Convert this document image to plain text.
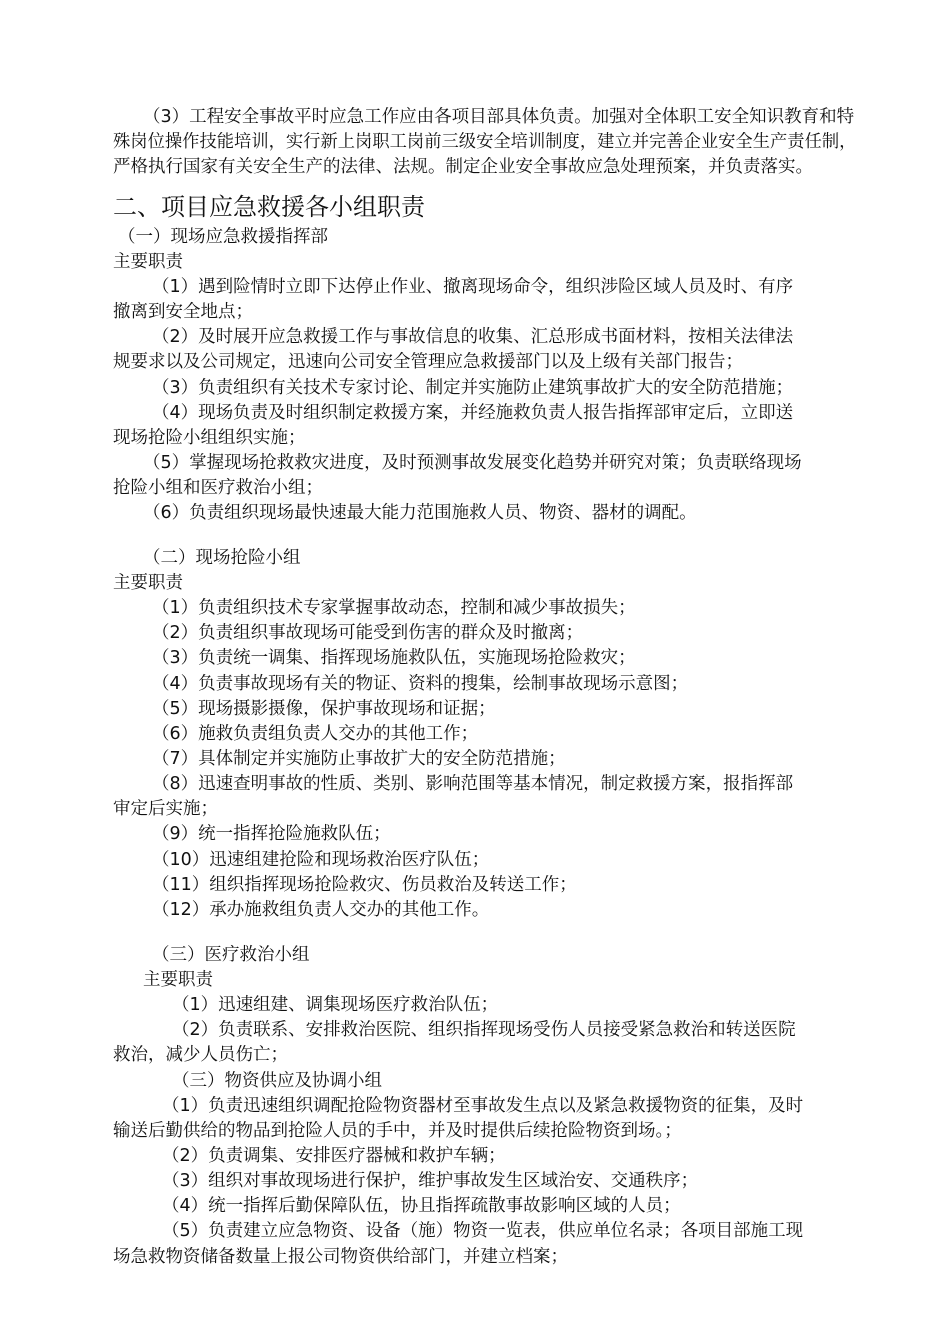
（3）工程安全事故平时应急工作应由各项目部具体负责。加强对全体职工安全知识教育和特
殊岗位操作技能培训，实行新上岗职工岗前三级安全培训制度，建立并完善企业安全生产责任制，
严格执行国家有关安全生产的法律、法规。制定企业安全事故应急处理预案，并负责落实。
二、项目应急救援各小组职责
（一）现场应急救援指挥部
主要职责
（1）遇到险情时立即下达停止作业、撤离现场命令，组织涉险区域人员及时、有序
撤离到安全地点；
（2）及时展开应急救援工作与事故信息的收集、汇总形成书面材料，按相关法律法
规要求以及公司规定，迅速向公司安全管理应急救援部门以及上级有关部门报告；
（3）负责组织有关技术专家讨论、制定并实施防止建筑事故扩大的安全防范措施；
（4）现场负责及时组织制定救援方案，并经施救负责人报告指挥部审定后，立即送
现场抢险小组组织实施；
（5）掌握现场抢救救灾进度，及时预测事故发展变化趋势并研究对策；负责联络现场
抢险小组和医疗救治小组；
（6）负责组织现场最快速最大能力范围施救人员、物资、器材的调配。
（二）现场抢险小组
主要职责
（1）负责组织技术专家掌握事故动态，控制和减少事故损失；
（2）负责组织事故现场可能受到伤害的群众及时撤离；
（3）负责统一调集、指挥现场施救队伍，实施现场抢险救灾；
（4）负责事故现场有关的物证、资料的搜集，绘制事故现场示意图；
（5）现场摄影摄像，保护事故现场和证据；
（6）施救负责组负责人交办的其他工作；
（7）具体制定并实施防止事故扩大的安全防范措施；
（8）迅速查明事故的性质、类别、影响范围等基本情况，制定救援方案，报指挥部
审定后实施；
（9）统一指挥抢险施救队伍；
（10）迅速组建抢险和现场救治医疗队伍；
（11）组织指挥现场抢险救灾、伤员救治及转送工作；
（12）承办施救组负责人交办的其他工作。
（三）医疗救治小组
主要职责
（1）迅速组建、调集现场医疗救治队伍；
（2）负责联系、安排救治医院、组织指挥现场受伤人员接受紧急救治和转送医院
救治，减少人员伤亡；
（三）物资供应及协调小组
（1）负责迅速组织调配抢险物资器材至事故发生点以及紧急救援物资的征集，及时
输送后勤供给的物品到抢险人员的手中，并及时提供后续抢险物资到场。；
（2）负责调集、安排医疗器械和救护车辆；
（3）组织对事故现场进行保护，维护事故发生区域治安、交通秩序；
（4）统一指挥后勤保障队伍，协且指挥疏散事故影响区域的人员；
（5）负责建立应急物资、设备（施）物资一览表，供应单位名录；各项目部施工现
场急救物资储备数量上报公司物资供给部门，并建立档案；
